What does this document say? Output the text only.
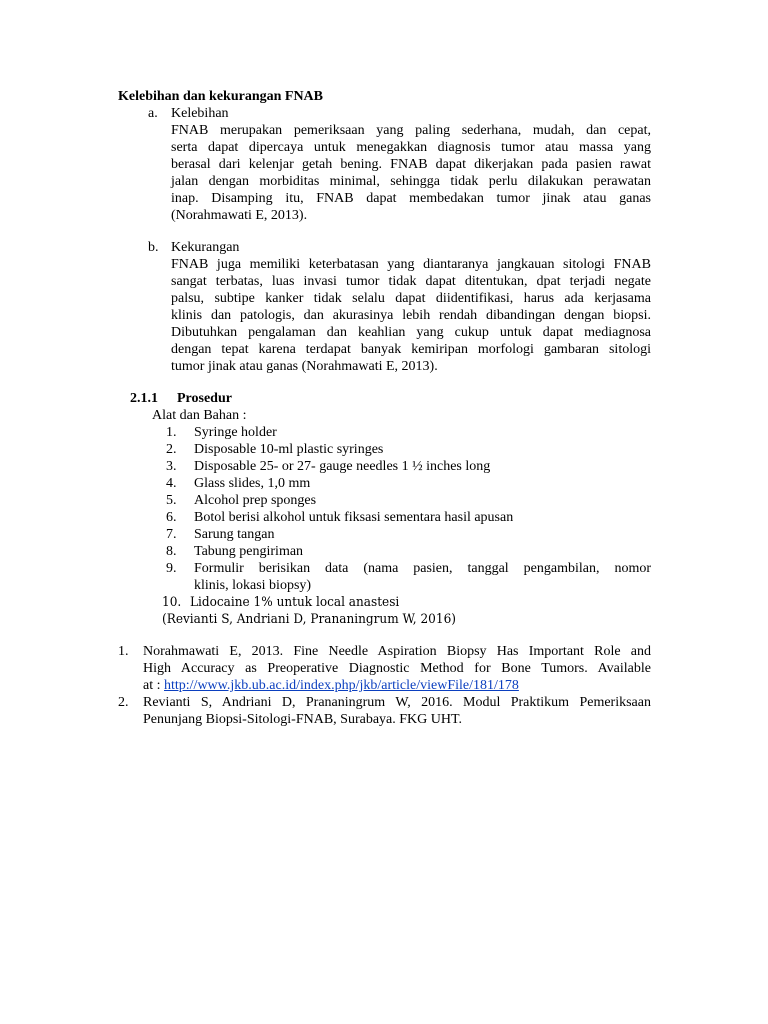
Kelebihan dan kekurangan FNAB
a. Kelebihan
FNAB merupakan pemeriksaan yang paling sederhana, mudah, dan cepat,
serta dapat dipercaya untuk menegakkan diagnosis tumor atau massa yang
berasal dari kelenjar getah bening. FNAB dapat dikerjakan pada pasien rawat
jalan dengan morbiditas minimal, sehingga tidak perlu dilakukan perawatan
inap. Disamping itu, FNAB dapat membedakan tumor jinak atau ganas
(Norahmawati E, 2013).
b. Kekurangan
FNAB juga memiliki keterbatasan yang diantaranya jangkauan sitologi FNAB
sangat terbatas, luas invasi tumor tidak dapat ditentukan, dpat terjadi negate
palsu, subtipe kanker tidak selalu dapat diidentifikasi, harus ada kerjasama
klinis dan patologis, dan akurasinya lebih rendah dibandingan dengan biopsi.
Dibutuhkan pengalaman dan keahlian yang cukup untuk dapat mediagnosa
dengan tepat karena terdapat banyak kemiripan morfologi gambaran sitologi
tumor jinak atau ganas (Norahmawati E, 2013).
2.1.1 Prosedur
Alat dan Bahan :
1. Syringe holder
2. Disposable 10-ml plastic syringes
3. Disposable 25- or 27- gauge needles 1 ½ inches long
4. Glass slides, 1,0 mm
5. Alcohol prep sponges
6. Botol berisi alkohol untuk fiksasi sementara hasil apusan
7. Sarung tangan
8. Tabung pengiriman
9. Formulir berisikan data (nama pasien, tanggal pengambilan, nomor
klinis, lokasi biopsy)
10. Lidocaine 1% untuk local anastesi
(Revianti S, Andriani D, Prananingrum W, 2016)
1. Norahmawati E, 2013. Fine Needle Aspiration Biopsy Has Important Role and
High Accuracy as Preoperative Diagnostic Method for Bone Tumors. Available
at : http://www.jkb.ub.ac.id/index.php/jkb/article/viewFile/181/178
2. Revianti S, Andriani D, Prananingrum W, 2016. Modul Praktikum Pemeriksaan
Penunjang Biopsi-Sitologi-FNAB, Surabaya. FKG UHT.
